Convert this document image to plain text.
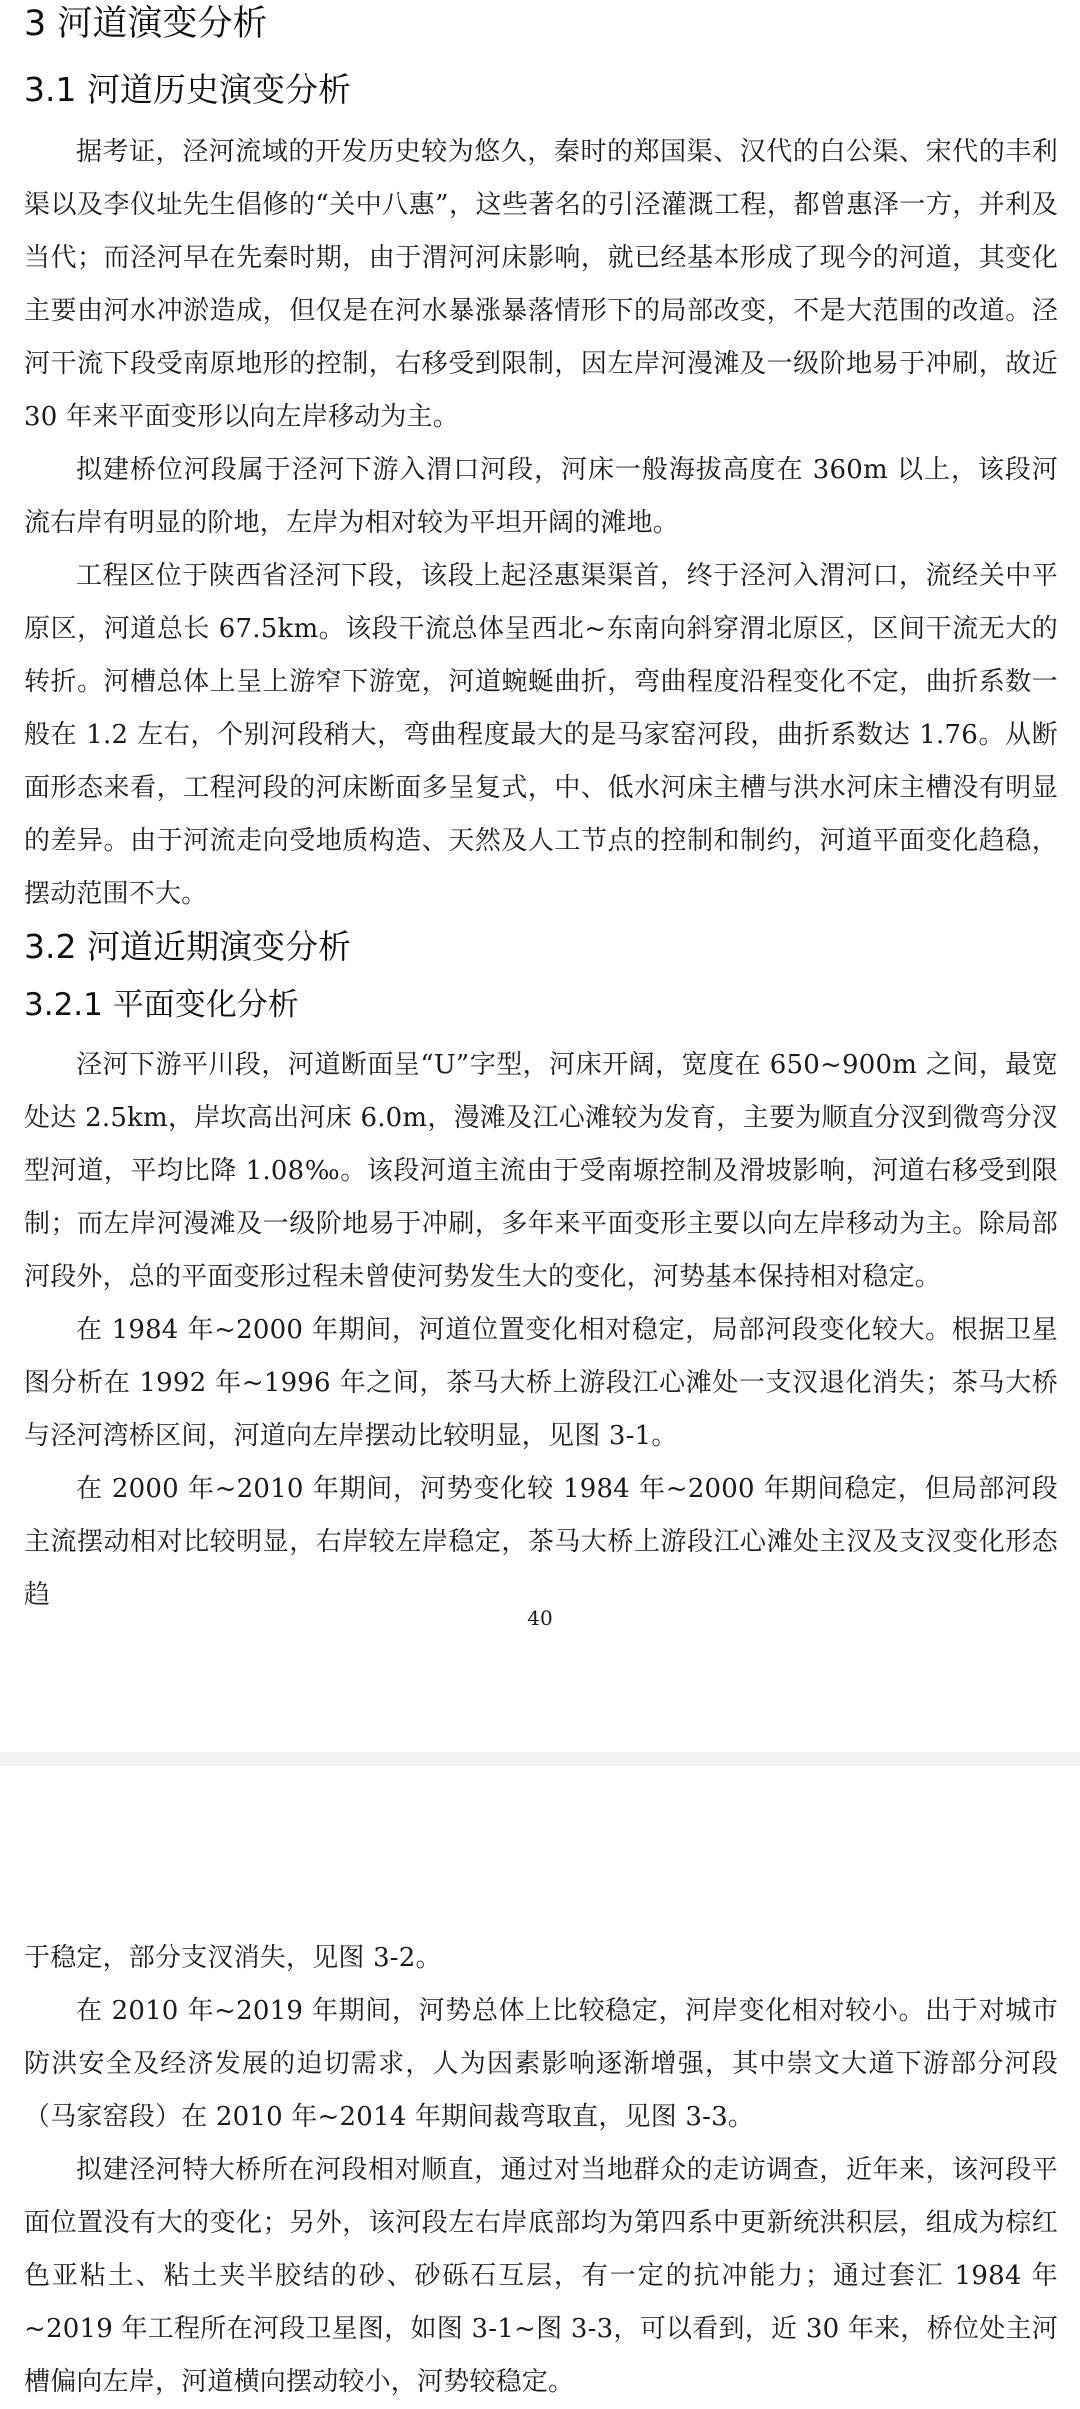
3 河道演变分析
3.1 河道历史演变分析

据考证，泾河流域的开发历史较为悠久，秦时的郑国渠、汉代的白公渠、宋代的丰利渠以及李仪址先生倡修的“关中八惠”，这些著名的引泾灌溉工程，都曾惠泽一方，并利及当代；而泾河早在先秦时期，由于渭河河床影响，就已经基本形成了现今的河道，其变化主要由河水冲淤造成，但仅是在河水暴涨暴落情形下的局部改变，不是大范围的改道。泾河干流下段受南原地形的控制，右移受到限制，因左岸河漫滩及一级阶地易于冲刷，故近 30 年来平面变形以向左岸移动为主。

拟建桥位河段属于泾河下游入渭口河段，河床一般海拔高度在 360m 以上，该段河流右岸有明显的阶地，左岸为相对较为平坦开阔的滩地。

工程区位于陕西省泾河下段，该段上起泾惠渠渠首，终于泾河入渭河口，流经关中平原区，河道总长 67.5km。该段干流总体呈西北~东南向斜穿渭北原区，区间干流无大的转折。河槽总体上呈上游窄下游宽，河道蜿蜒曲折，弯曲程度沿程变化不定，曲折系数一般在 1.2 左右，个别河段稍大，弯曲程度最大的是马家窑河段，曲折系数达 1.76。从断面形态来看，工程河段的河床断面多呈复式，中、低水河床主槽与洪水河床主槽没有明显的差异。由于河流走向受地质构造、天然及人工节点的控制和制约，河道平面变化趋稳，摆动范围不大。

3.2 河道近期演变分析
3.2.1 平面变化分析

泾河下游平川段，河道断面呈“U”字型，河床开阔，宽度在 650~900m 之间，最宽处达 2.5km，岸坎高出河床 6.0m，漫滩及江心滩较为发育，主要为顺直分汊到微弯分汊型河道，平均比降 1.08‰。该段河道主流由于受南塬控制及滑坡影响，河道右移受到限制；而左岸河漫滩及一级阶地易于冲刷，多年来平面变形主要以向左岸移动为主。除局部河段外，总的平面变形过程未曾使河势发生大的变化，河势基本保持相对稳定。

在 1984 年~2000 年期间，河道位置变化相对稳定，局部河段变化较大。根据卫星图分析在 1992 年~1996 年之间，茶马大桥上游段江心滩处一支汊退化消失；茶马大桥与泾河湾桥区间，河道向左岸摆动比较明显，见图 3-1。

在 2000 年~2010 年期间，河势变化较 1984 年~2000 年期间稳定，但局部河段主流摆动相对比较明显，右岸较左岸稳定，茶马大桥上游段江心滩处主汊及支汊变化形态趋

40

于稳定，部分支汊消失，见图 3-2。

在 2010 年~2019 年期间，河势总体上比较稳定，河岸变化相对较小。出于对城市防洪安全及经济发展的迫切需求，人为因素影响逐渐增强，其中崇文大道下游部分河段（马家窑段）在 2010 年~2014 年期间裁弯取直，见图 3-3。

拟建泾河特大桥所在河段相对顺直，通过对当地群众的走访调查，近年来，该河段平面位置没有大的变化；另外，该河段左右岸底部均为第四系中更新统洪积层，组成为棕红色亚粘土、粘土夹半胶结的砂、砂砾石互层，有一定的抗冲能力；通过套汇 1984 年~2019 年工程所在河段卫星图，如图 3-1~图 3-3，可以看到，近 30 年来，桥位处主河槽偏向左岸，河道横向摆动较小，河势较稳定。
